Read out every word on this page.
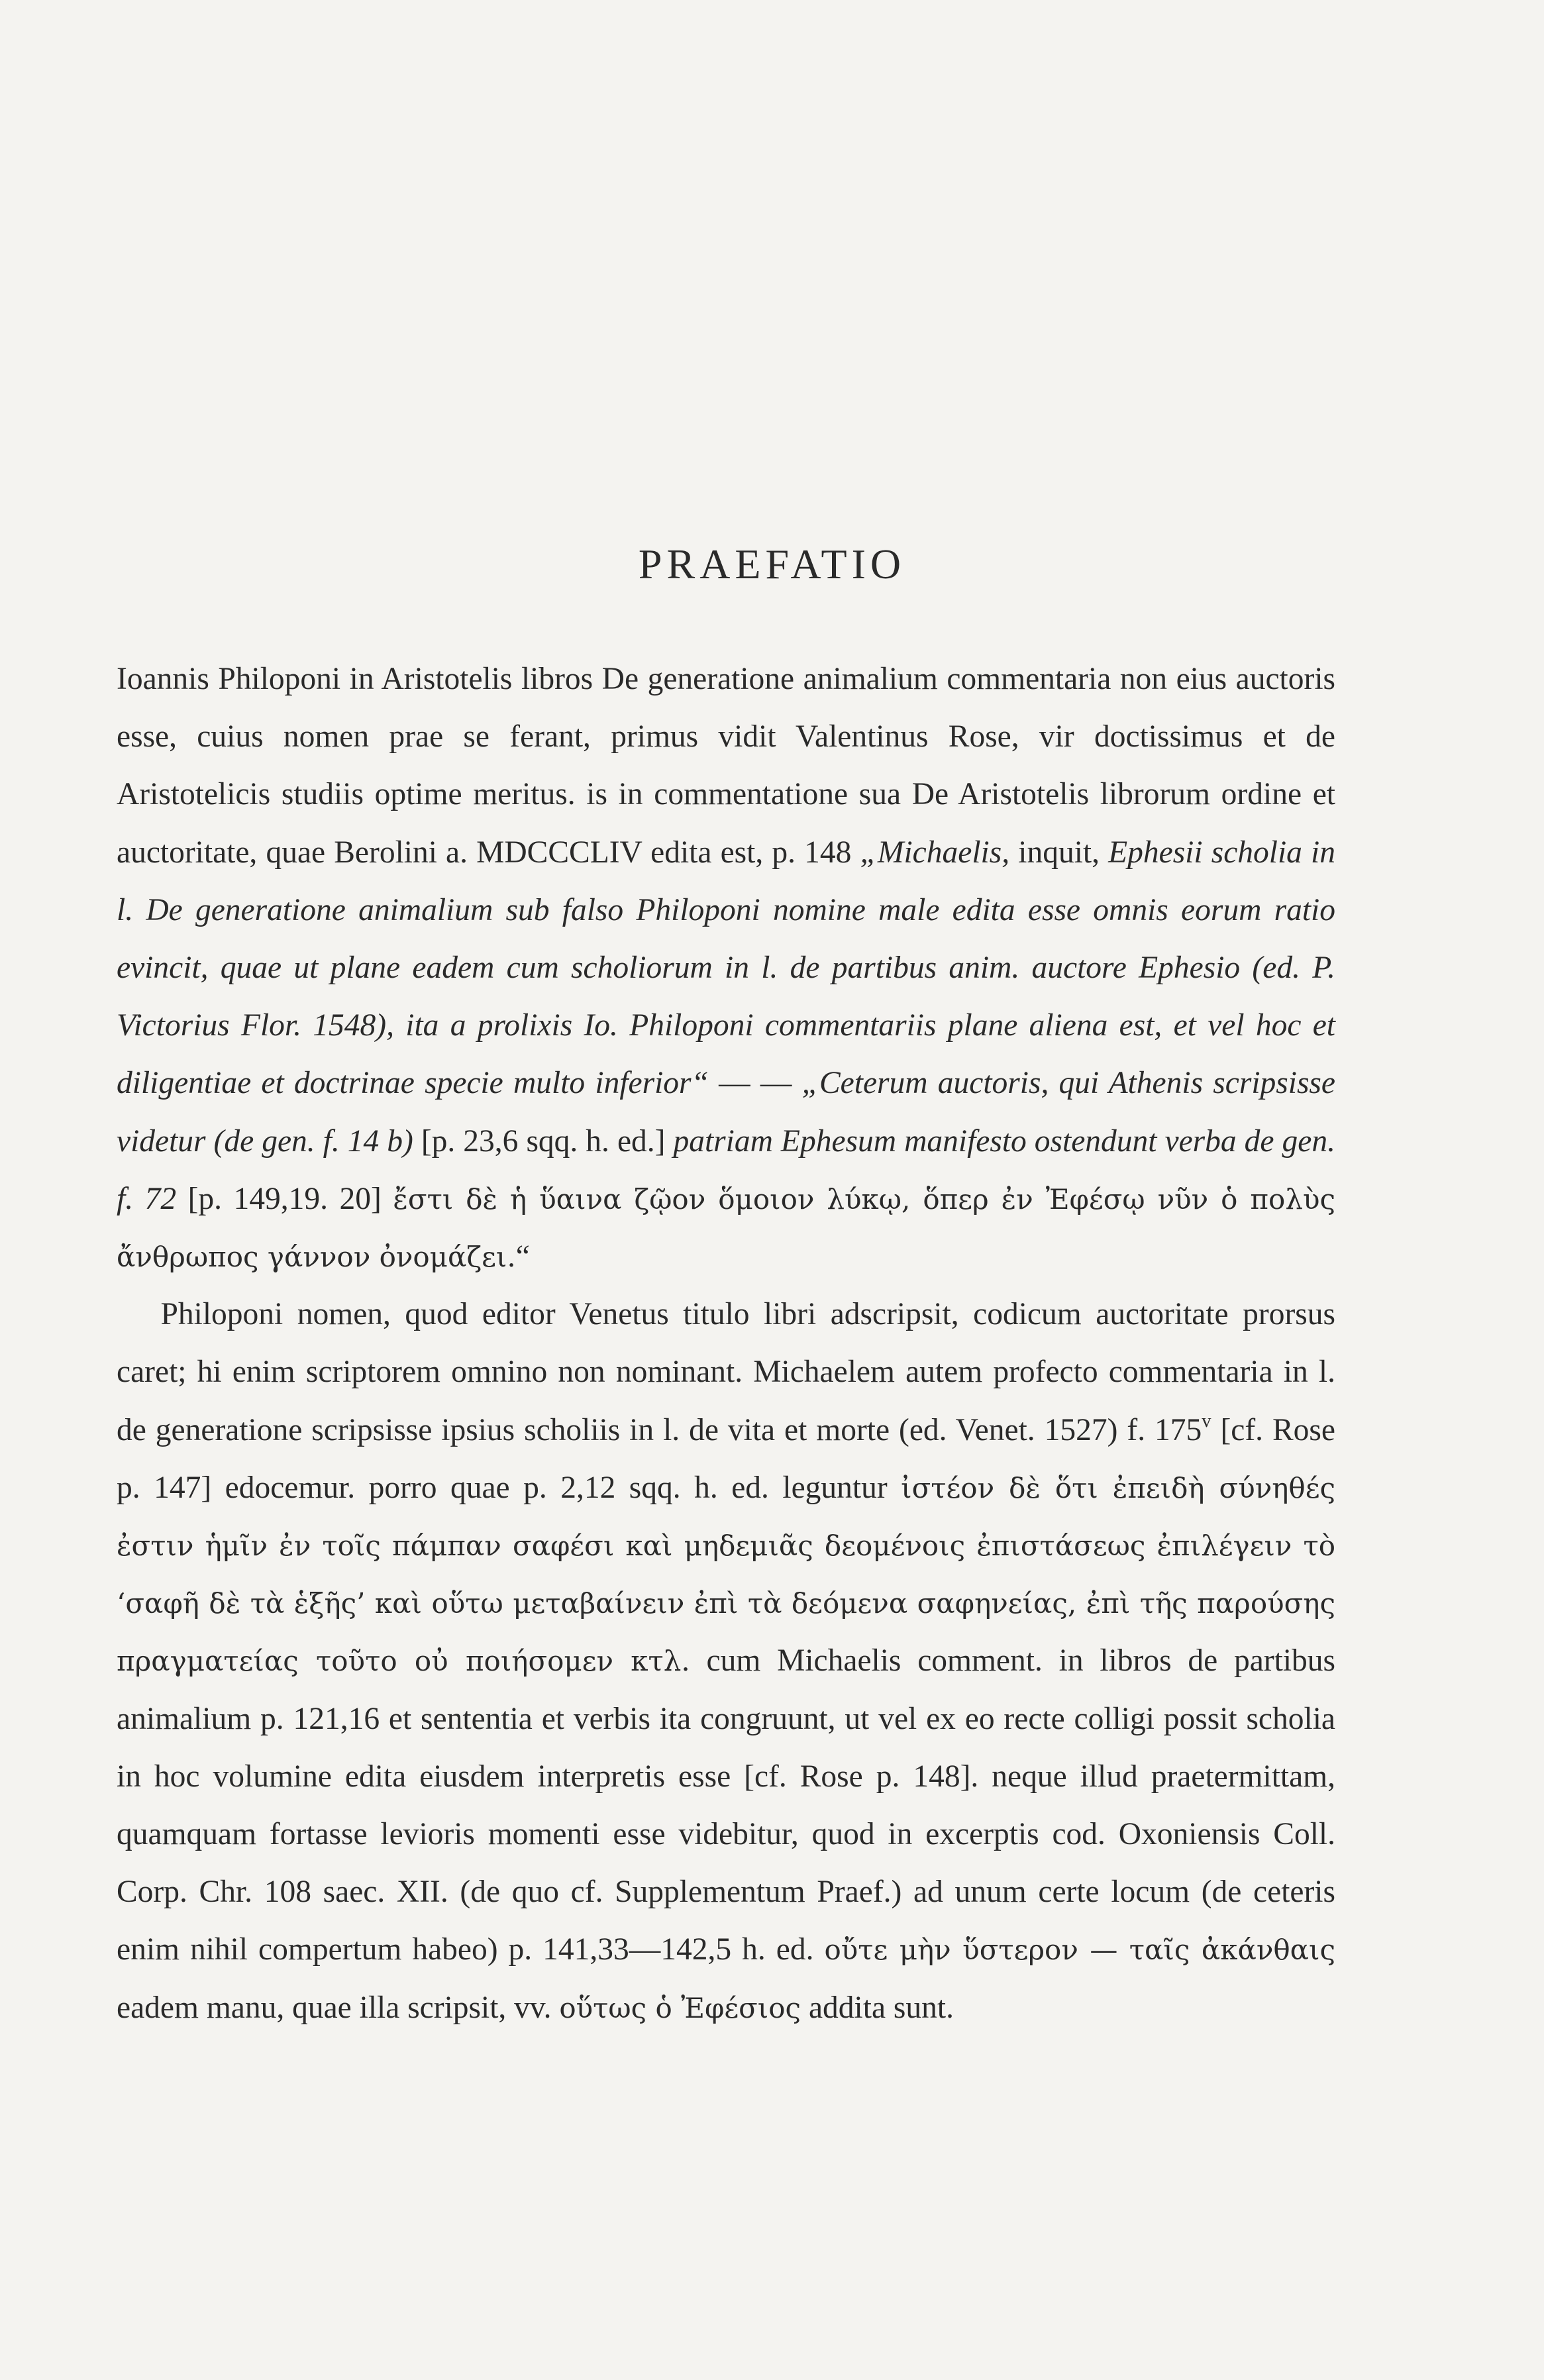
PRAEFATIO

Ioannis Philoponi in Aristotelis libros De generatione animalium commentaria non eius auctoris esse, cuius nomen prae se ferant, primus vidit Valentinus Rose, vir doctissimus et de Aristotelicis studiis optime meritus. is in commentatione sua De Aristotelis librorum ordine et auctoritate, quae Berolini a. MDCCCLIV edita est, p. 148 „Michaelis, inquit, Ephesii scholia in l. De generatione animalium sub falso Philoponi nomine male edita esse omnis eorum ratio evincit, quae ut plane eadem cum scholiorum in l. de partibus anim. auctore Ephesio (ed. P. Victorius Flor. 1548), ita a prolixis Io. Philoponi commentariis plane aliena est, et vel hoc et diligentiae et doctrinae specie multo inferior“ — — „Ceterum auctoris, qui Athenis scripsisse videtur (de gen. f. 14 b) [p. 23,6 sqq. h. ed.] patriam Ephesum manifesto ostendunt verba de gen. f. 72 [p. 149,19. 20] ἔστι δὲ ἡ ὕαινα ζῷον ὅμοιον λύκῳ, ὅπερ ἐν Ἐφέσῳ νῦν ὁ πολὺς ἄνθρωπος γάννον ὀνομάζει.“

Philoponi nomen, quod editor Venetus titulo libri adscripsit, codicum auctoritate prorsus caret; hi enim scriptorem omnino non nominant. Michaelem autem profecto commentaria in l. de generatione scripsisse ipsius scholiis in l. de vita et morte (ed. Venet. 1527) f. 175$^v$ [cf. Rose p. 147] edocemur. porro quae p. 2,12 sqq. h. ed. leguntur ἰστέον δὲ ὅτι ἐπειδὴ σύνηθές ἐστιν ἡμῖν ἐν τοῖς πάμπαν σαφέσι καὶ μηδεμιᾶς δεομένοις ἐπιστάσεως ἐπιλέγειν τὸ ‘σαφῆ δὲ τὰ ἑξῆς’ καὶ οὕτω μεταβαίνειν ἐπὶ τὰ δεόμενα σαφηνείας, ἐπὶ τῆς παρούσης πραγματείας τοῦτο οὐ ποιήσομεν κτλ. cum Michaelis comment. in libros de partibus animalium p. 121,16 et sententia et verbis ita congruunt, ut vel ex eo recte colligi possit scholia in hoc volumine edita eiusdem interpretis esse [cf. Rose p. 148]. neque illud praetermittam, quamquam fortasse levioris momenti esse videbitur, quod in excerptis cod. Oxoniensis Coll. Corp. Chr. 108 saec. XII. (de quo cf. Supplementum Praef.) ad unum certe locum (de ceteris enim nihil compertum habeo) p. 141,33—142,5 h. ed. οὔτε μὴν ὕστερον — ταῖς ἀκάνθαις eadem manu, quae illa scripsit, vv. οὕτως ὁ Ἐφέσιος addita sunt.
